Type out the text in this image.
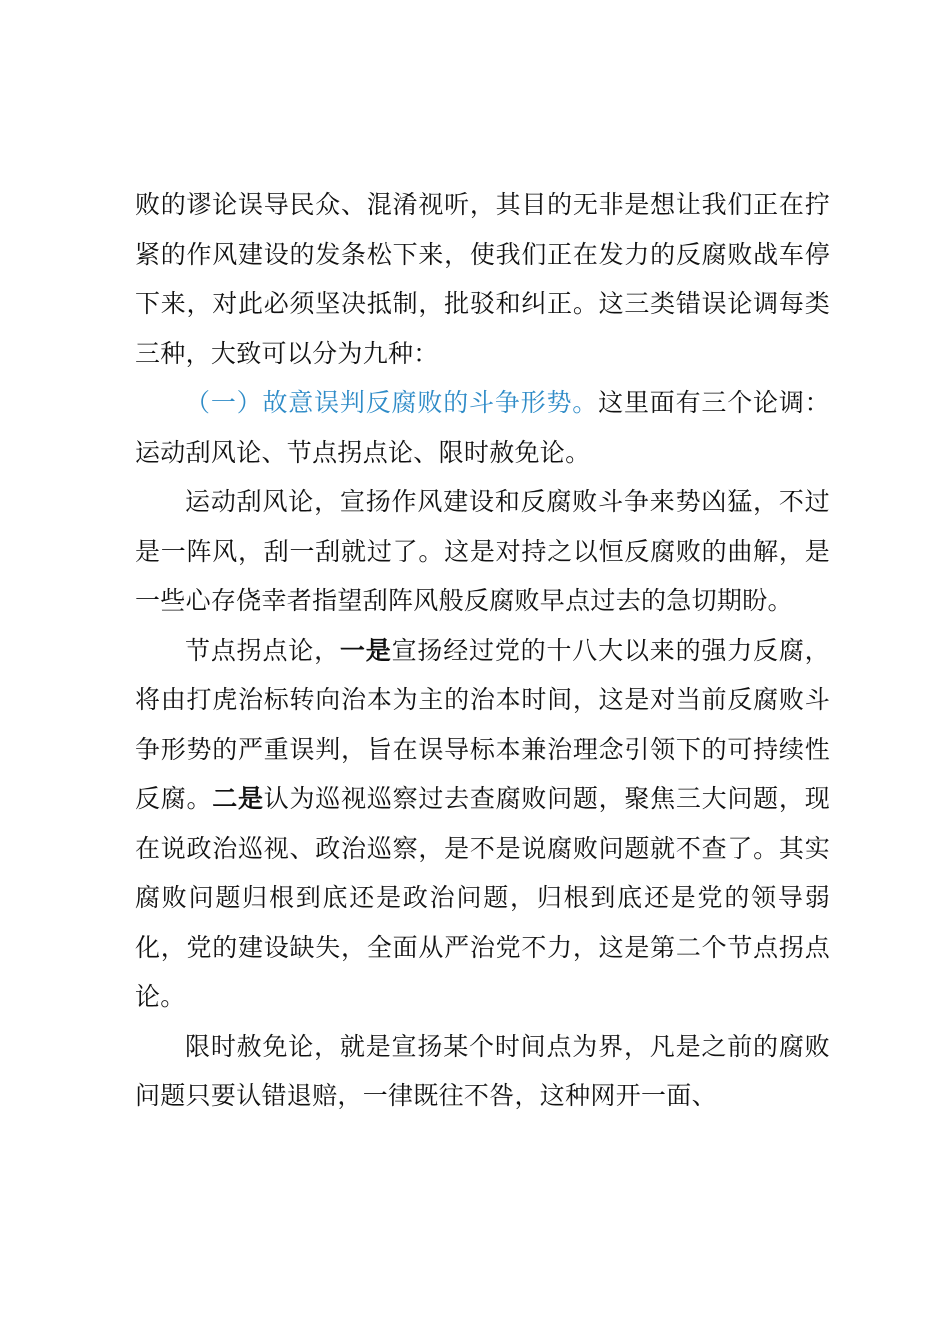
败的谬论误导民众、混淆视听，其目的无非是想让我们正在拧紧的作风建设的发条松下来，使我们正在发力的反腐败战车停下来，对此必须坚决抵制，批驳和纠正。这三类错误论调每类三种，大致可以分为九种：

（一）故意误判反腐败的斗争形势。这里面有三个论调：运动刮风论、节点拐点论、限时赦免论。

运动刮风论，宣扬作风建设和反腐败斗争来势凶猛，不过是一阵风，刮一刮就过了。这是对持之以恒反腐败的曲解，是一些心存侥幸者指望刮阵风般反腐败早点过去的急切期盼。

节点拐点论，一是宣扬经过党的十八大以来的强力反腐，将由打虎治标转向治本为主的治本时间，这是对当前反腐败斗争形势的严重误判，旨在误导标本兼治理念引领下的可持续性反腐。二是认为巡视巡察过去查腐败问题，聚焦三大问题，现在说政治巡视、政治巡察，是不是说腐败问题就不查了。其实腐败问题归根到底还是政治问题，归根到底还是党的领导弱化，党的建设缺失，全面从严治党不力，这是第二个节点拐点论。

限时赦免论，就是宣扬某个时间点为界，凡是之前的腐败问题只要认错退赔，一律既往不咎，这种网开一面、
